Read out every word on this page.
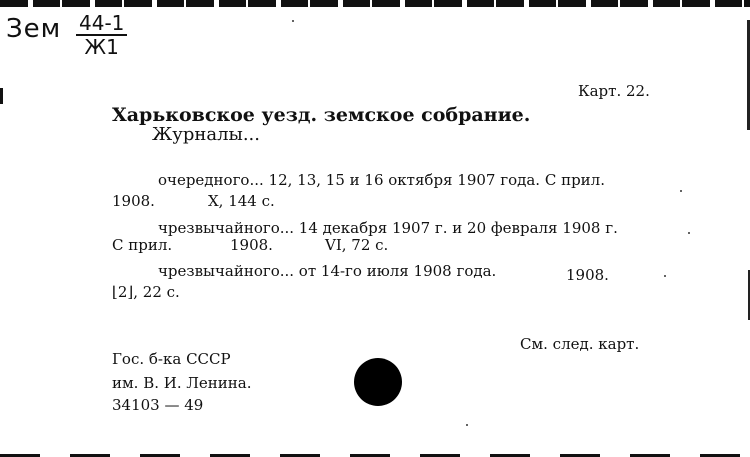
Зем 44-1
Ж1
Карт. 22.
Харьковское уезд. земское собрание.
Журналы...
очередного... 12, 13, 15 и 16 октября 1907 года. С прил.
1908.	X, 144 с.
чрезвычайного... 14 декабря 1907 г. и 20 февраля 1908 г.
С прил.	1908.	VI, 72 с.
чрезвычайного... от 14-го июля 1908 года.	1908.
⌊2⌋, 22 с.
См. след. карт.
Гос. б-ка СССР
им. В. И. Ленина.
34103 — 49
